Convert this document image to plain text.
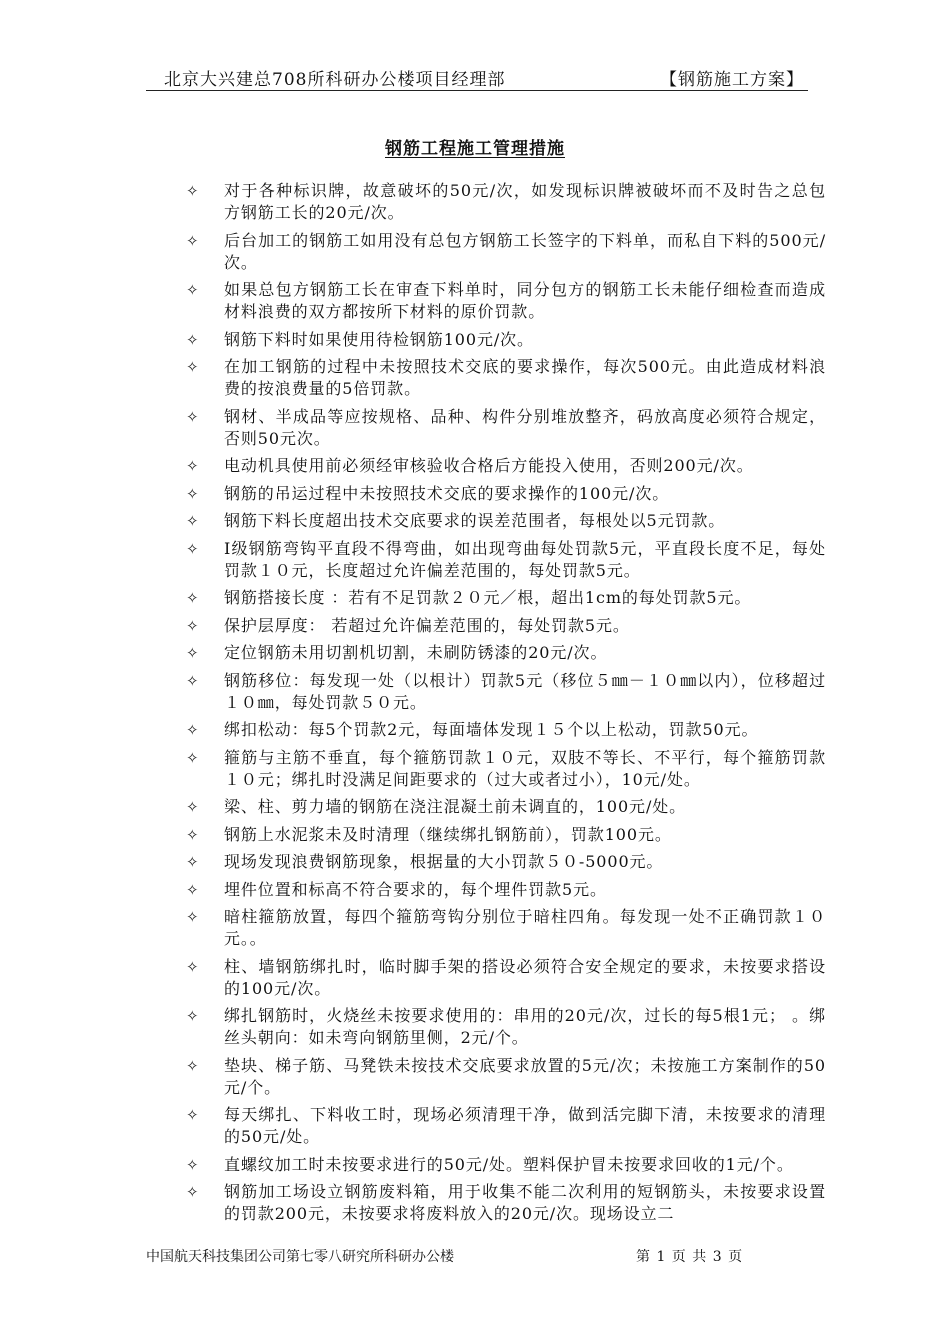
北京大兴建总708所科研办公楼项目经理部	【钢筋施工方案】
钢筋工程施工管理措施
✧ 对于各种标识牌，故意破坏的50元/次，如发现标识牌被破坏而不及时告之总包方钢筋工长的20元/次。
✧ 后台加工的钢筋工如用没有总包方钢筋工长签字的下料单，而私自下料的500元/次。
✧ 如果总包方钢筋工长在审查下料单时，同分包方的钢筋工长未能仔细检查而造成材料浪费的双方都按所下材料的原价罚款。
✧ 钢筋下料时如果使用待检钢筋100元/次。
✧ 在加工钢筋的过程中未按照技术交底的要求操作，每次500元。由此造成材料浪费的按浪费量的5倍罚款。
✧ 钢材、半成品等应按规格、品种、构件分别堆放整齐，码放高度必须符合规定，否则50元次。
✧ 电动机具使用前必须经审核验收合格后方能投入使用，否则200元/次。
✧ 钢筋的吊运过程中未按照技术交底的要求操作的100元/次。
✧ 钢筋下料长度超出技术交底要求的误差范围者，每根处以5元罚款。
✧ Ⅰ级钢筋弯钩平直段不得弯曲，如出现弯曲每处罚款5元，平直段长度不足，每处罚款１０元，长度超过允许偏差范围的，每处罚款5元。
✧ 钢筋搭接长度 ：若有不足罚款２０元／根，超出1cm的每处罚款5元。
✧ 保护层厚度： 若超过允许偏差范围的，每处罚款5元。
✧ 定位钢筋未用切割机切割，未刷防锈漆的20元/次。
✧ 钢筋移位：每发现一处（以根计）罚款5元（移位５㎜－１０㎜以内），位移超过１０㎜，每处罚款５０元。
✧ 绑扣松动：每5个罚款2元，每面墙体发现１５个以上松动，罚款50元。
✧ 箍筋与主筋不垂直，每个箍筋罚款１０元，双肢不等长、不平行，每个箍筋罚款１０元；绑扎时没满足间距要求的（过大或者过小），10元/处。
✧ 梁、柱、剪力墙的钢筋在浇注混凝土前未调直的，100元/处。
✧ 钢筋上水泥浆未及时清理（继续绑扎钢筋前），罚款100元。
✧ 现场发现浪费钢筋现象，根据量的大小罚款５０-5000元。
✧ 埋件位置和标高不符合要求的，每个埋件罚款5元。
✧ 暗柱箍筋放置，每四个箍筋弯钩分别位于暗柱四角。每发现一处不正确罚款１０元。。
✧ 柱、墙钢筋绑扎时，临时脚手架的搭设必须符合安全规定的要求，未按要求搭设的100元/次。
✧ 绑扎钢筋时，火烧丝未按要求使用的：串用的20元/次，过长的每5根1元； 。绑丝头朝向：如未弯向钢筋里侧，2元/个。
✧ 垫块、梯子筋、马凳铁未按技术交底要求放置的5元/次；未按施工方案制作的50元/个。
✧ 每天绑扎、下料收工时，现场必须清理干净，做到活完脚下清，未按要求的清理的50元/处。
✧ 直螺纹加工时未按要求进行的50元/处。塑料保护冒未按要求回收的1元/个。
✧ 钢筋加工场设立钢筋废料箱，用于收集不能二次利用的短钢筋头，未按要求设置的罚款200元，未按要求将废料放入的20元/次。现场设立二
中国航天科技集团公司第七零八研究所科研办公楼	第 1 页 共 3 页
